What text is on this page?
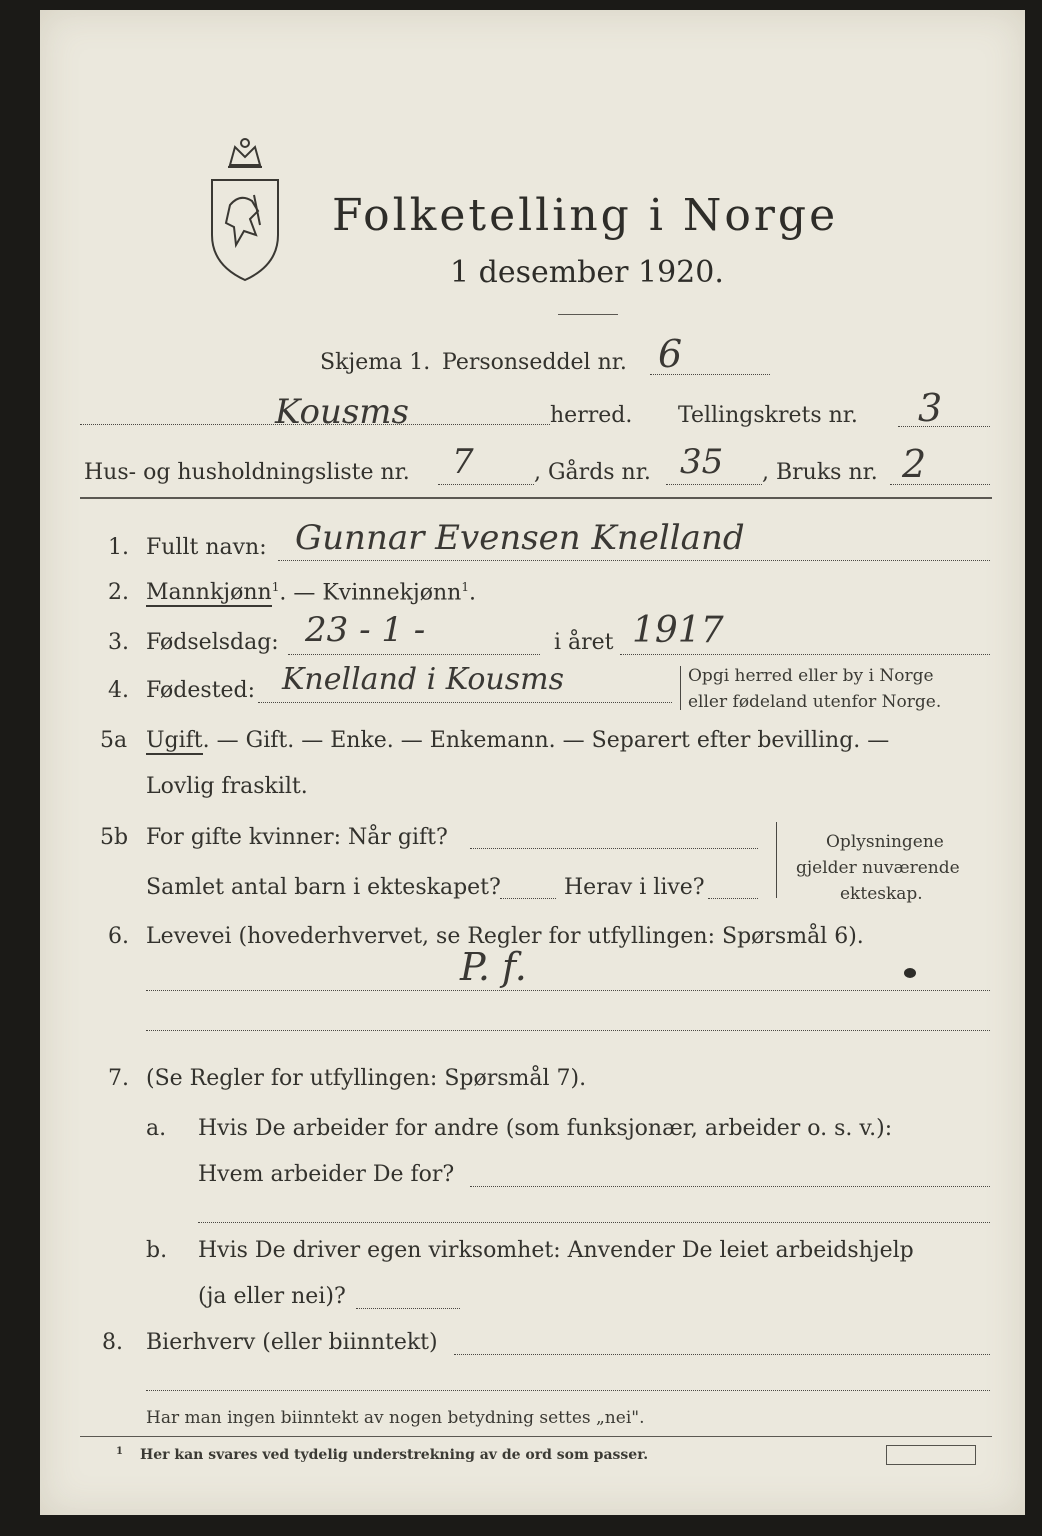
Folketelling i Norge
1 desember 1920.
Skjema 1. Personseddel nr. 6
Kousms	herred. Tellingskrets nr. 3
Hus- og husholdningsliste nr. 7	, Gårds nr. 35 , Bruks nr. 2
1. Fullt navn: Gunnar Evensen Knelland
2. Mannkjønn$^1$. — Kvinnekjønn$^1$.
3. Fødselsdag: 23 - 1 -	i året 1917
4. Fødested: Knelland i Kousms	Opgi herred eller by i Norge
eller fødeland utenfor Norge.
5a Ugift. — Gift. — Enke. — Enkemann. — Separert efter bevilling. —
Lovlig fraskilt.
5b For gifte kvinner: Når gift?
Samlet antal barn i ekteskapet?	Herav i live?
Oplysningene
gjelder nuværende
ekteskap.
6. Levevei (hovederhvervet, se Regler for utfyllingen: Spørsmål 6).
P. f.
7. (Se Regler for utfyllingen: Spørsmål 7).
a. Hvis De arbeider for andre (som funksjonær, arbeider o. s. v.):
Hvem arbeider De for?
b. Hvis De driver egen virksomhet: Anvender De leiet arbeidshjelp
(ja eller nei)?
8. Bierhverv (eller biinntekt)
Har man ingen biinntekt av nogen betydning settes „nei".
1 Her kan svares ved tydelig understrekning av de ord som passer.
